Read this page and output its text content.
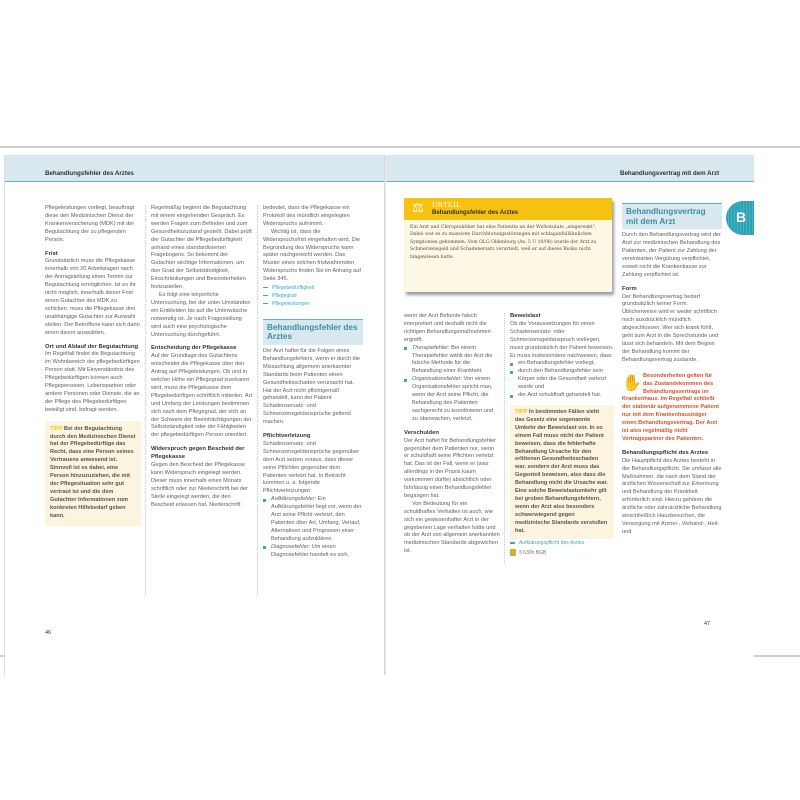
Behandlungsfehler des Arztes

Pflegeleistungen vorliegt, beauftragt diese den Medizinischen Dienst der Krankenversicherung (MDK) mit der Begutachtung der zu pflegenden Person.

Frist

Grundsätzlich muss die Pflegekasse innerhalb von 20 Arbeitstagen nach der Antragstellung einen Termin zur Begutachtung ermöglichen. Ist es ihr nicht möglich, innerhalb dieser Frist einen Gutachter des MDK zu schicken, muss die Pflegekasse drei unabhängige Gutachter zur Auswahl stellen. Der Betroffene kann sich dann einen davon auswählen.

Ort und Ablauf der Begutachtung

Im Regelfall findet die Begutachtung im Wohnbereich der pflegebedürftigen Person statt. Mit Einverständnis des Pflegebedürftigen können auch Pflegepersonen, Lebenspartner oder andere Personen oder Dienste, die an der Pflege des Pflegebedürftigen beteiligt sind, befragt werden.

TIPP Bei der Begutachtung durch den Medizinischen Dienst hat der Pflegebedürftige das Recht, dass eine Person seines Vertrauens anwesend ist. Sinnvoll ist es dabei, eine Person hinzuzuziehen, die mit der Pflegesituation sehr gut vertraut ist und die dem Gutachter Informationen zum konkreten Hilfebedarf geben kann.

Regelmäßig beginnt die Begutachtung mit einem eingehenden Gespräch. Es werden Fragen zum Befinden und zum Gesundheitszustand gestellt. Dabei prüft der Gutachter die Pflegebedürftigkeit anhand eines standardisierten Fragebogens. So bekommt der Gutachter wichtige Informationen, um den Grad der Selbstständigkeit, Einschränkungen und Besonderheiten festzustellen.

Es folgt eine körperliche Untersuchung, bei der unter Umständen ein Entkleiden bis auf die Unterwäsche notwendig ist. Je nach Fragestellung wird auch eine psychologische Untersuchung durchgeführt.

Entscheidung der Pflegekasse

Auf der Grundlage des Gutachtens entscheidet die Pflegekasse über den Antrag auf Pflegeleistungen. Ob und in welcher Höhe ein Pflegegrad zuerkannt wird, muss die Pflegekasse dem Pflegebedürftigen schriftlich mitteilen. Art und Umfang der Leistungen bestimmen sich nach dem Pflegegrad, der sich an der Schwere der Beeinträchtigungen der Selbstständigkeit oder der Fähigkeiten der pflegebedürftigen Person orientiert.

Widerspruch gegen Bescheid der Pflegekasse

Gegen den Bescheid der Pflegekasse kann Widerspruch eingelegt werden. Dieser muss innerhalb eines Monats schriftlich oder zur Niederschrift bei der Stelle eingelegt werden, die den Bescheid erlassen hat. Niederschrift

bedeutet, dass die Pflegekasse ein Protokoll des mündlich eingelegten Widerspruchs aufnimmt.

Wichtig ist, dass die Widerspruchsfrist eingehalten wird. Die Begründung des Widerspruchs kann später nachgereicht werden. Das Muster eines solchen fristwahrenden Widerspruchs finden Sie im Anhang auf Seite 345.

Pflegebedürftigkeit
Pflegegrad
Pflegeleistungen
Behandlungsfehler des Arztes

Der Arzt haftet für die Folgen eines Behandlungsfehlers, wenn er durch die Missachtung allgemein anerkannter Standards beim Patienten einen Gesundheitsschaden verursacht hat. Hat der Arzt nicht pflichtgemäß gehandelt, kann der Patient Schadensersatz- und Schmerzensgeldansprüche geltend machen.

Pflichtverletzung

Schadensersatz- und Schmerzensgeldansprüche gegenüber dem Arzt setzen voraus, dass dieser seine Pflichten gegenüber dem Patienten verletzt hat. In Betracht kommen u. a. folgende Pflichtverletzungen:

Aufklärungsfehler: Ein Aufklärungsfehler liegt vor, wenn der Arzt seine Pflicht verletzt, den Patienten über Art, Umfang, Verlauf, Alternativen und Prognosen einer Behandlung aufzuklären.
Diagnosefehler: Um einen Diagnosefehler handelt es sich,
46
Behandlungsvertrag mit dem Arzt
⚖ URTEIL
Behandlungsfehler des Arztes
Ein Arzt und Chiropraktiker hat eine Patientin an der Wirbelsäule „eingerenkt". Dabei war es zu massiven Durchblutungsstörungen mit schlaganfallähnlichen Symptomen gekommen. Vom OLG Oldenburg (Az. 5 U 10/08) wurde der Arzt zu Schmerzensgeld und Schadenersatz verurteilt, weil er auf dieses Risiko nicht hingewiesen hatte.

wenn der Arzt Befunde falsch interpretiert und deshalb nicht die richtigen Behandlungsmaßnahmen ergreift.

Therapiefehler: Bei einem Therapiefehler wählt der Arzt die falsche Methode für die Behandlung einer Krankheit.
Organisationsfehler: Von einem Organisationsfehler spricht man, wenn der Arzt seine Pflicht, die Behandlung des Patienten sachgerecht zu koordinieren und zu überwachen, verletzt.
Verschulden

Der Arzt haftet für Behandlungsfehler gegenüber dem Patienten nur, wenn er schuldhaft seine Pflichten verletzt hat. Das ist der Fall, wenn er (was allerdings in der Praxis kaum vorkommen dürfte) absichtlich oder fahrlässig einen Behandlungsfehler begangen hat.

Von Bedeutung für ein schuldhaftes Verhalten ist auch, wie sich ein gewissenhafter Arzt in der gegebenen Lage verhalten hätte und ob der Arzt von allgemein anerkannten medizinischen Standards abgewichen ist.

Beweislast

Ob die Voraussetzungen für einen Schadensersatz- oder Schmerzensgeldanspruch vorliegen, muss grundsätzlich der Patient beweisen. Er muss insbesondere nachweisen, dass

ein Behandlungsfehler vorliegt,
durch den Behandlungsfehler sein Körper oder die Gesundheit verletzt wurde und
der Arzt schuldhaft gehandelt hat.
TIPP In bestimmten Fällen sieht das Gesetz eine sogenannte Umkehr der Beweislast vor. In so einem Fall muss nicht der Patient beweisen, dass die fehlerhafte Behandlung Ursache für den erlittenen Gesundheitsschaden war, sondern der Arzt muss das Gegenteil beweisen, also dass die Behandlung nicht die Ursache war. Eine solche Beweislastumkehr gilt bei groben Behandlungsfehlern, wenn der Arzt also besonders schwerwiegend gegen medizinische Standards verstoßen hat.
Aufklärungspflicht des Arztes
§ 630h BGB
Behandlungsvertrag mit dem Arzt

Durch den Behandlungsvertrag wird der Arzt zur medizinischen Behandlung des Patienten, der Patient zur Zahlung der vereinbarten Vergütung verpflichtet, soweit nicht die Krankenkasse zur Zahlung verpflichtet ist.

Form

Der Behandlungsvertrag bedarf grundsätzlich keiner Form. Üblicherweise wird er weder schriftlich noch ausdrücklich mündlich abgeschlossen. Wer sich krank fühlt, geht zum Arzt in die Sprechstunde und lässt sich behandeln. Mit dem Beginn der Behandlung kommt der Behandlungsvertrag zustande.

✋ Besonderheiten gelten für das Zustandekommen des Behandlungsvertrags im Krankenhaus. Im Regelfall schließt der stationär aufgenommene Patient nur mit dem Krankenhausträger einen Behandlungsvertrag. Der Arzt ist also regelmäßig nicht Vertragspartner des Patienten.
Behandlungspflicht des Arztes

Die Hauptpflicht des Arztes besteht in der Behandlungspflicht. Sie umfasst alle Maßnahmen, die nach dem Stand der ärztlichen Wissenschaft zur Erkennung und Behandlung der Krankheit erforderlich sind. Hierzu gehören die ärztliche oder zahnärztliche Behandlung einschließlich Hausbesuchen, die Versorgung mit Arznei-, Verband-, Heil- und

B
47
